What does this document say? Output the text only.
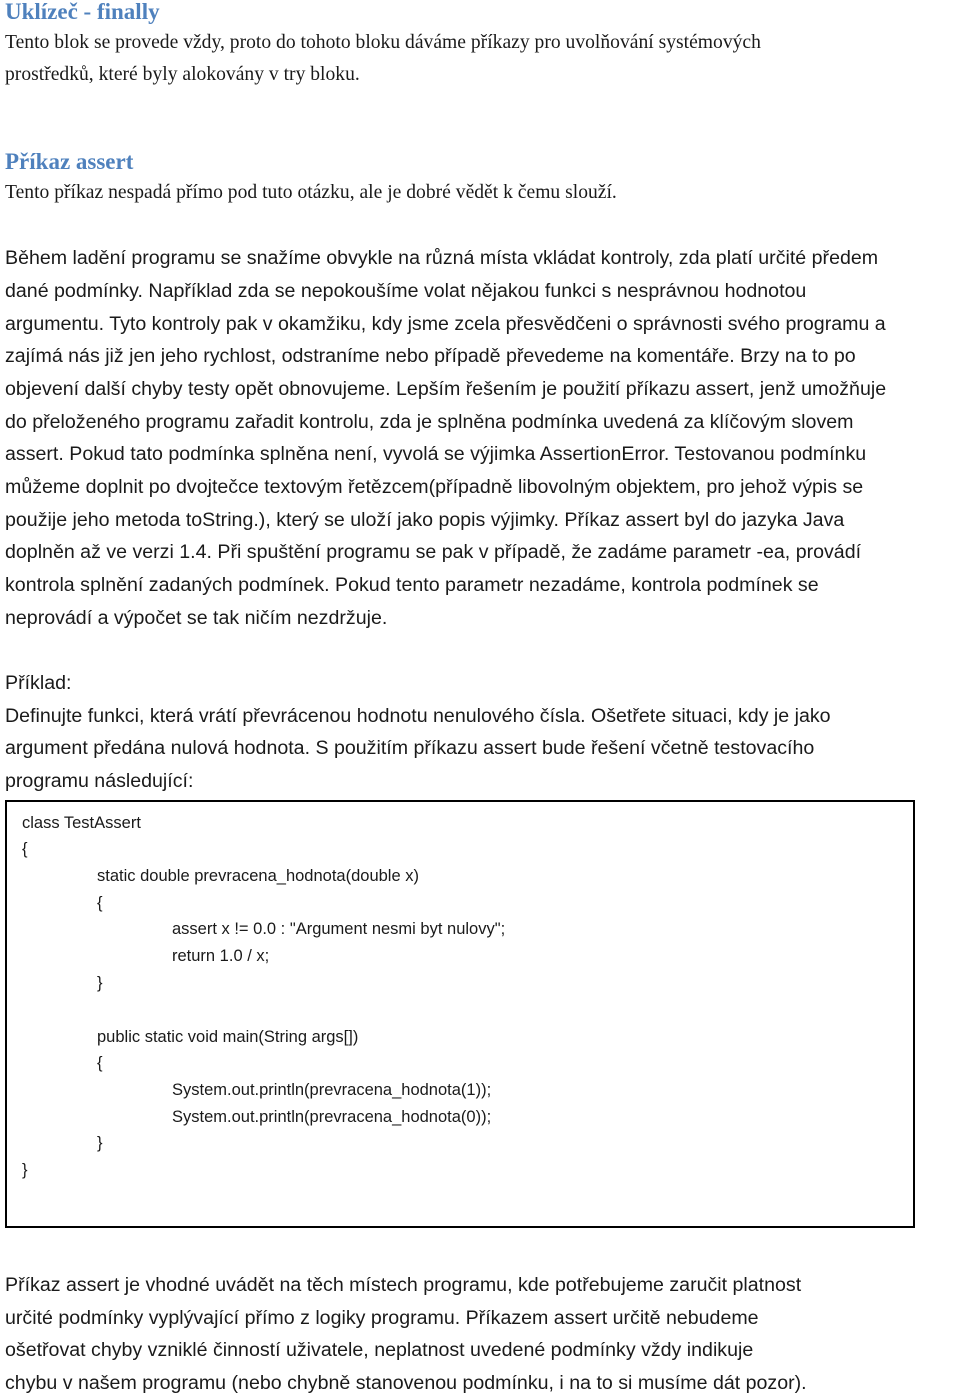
Uklízeč - finally
Tento blok se provede vždy, proto do tohoto bloku dáváme příkazy pro uvolňování systémových
prostředků, které byly alokovány v try bloku.
Příkaz assert
Tento příkaz nespadá přímo pod tuto otázku, ale je dobré vědět k čemu slouží.
Během ladění programu se snažíme obvykle na různá místa vkládat kontroly, zda platí určité předem
dané podmínky. Například zda se nepokoušíme volat nějakou funkci s nesprávnou hodnotou
argumentu. Tyto kontroly pak v okamžiku, kdy jsme zcela přesvědčeni o správnosti svého programu a
zajímá nás již jen jeho rychlost, odstraníme nebo případě převedeme na komentáře. Brzy na to po
objevení další chyby testy opět obnovujeme. Lepším řešením je použití příkazu assert, jenž umožňuje
do přeloženého programu zařadit kontrolu, zda je splněna podmínka uvedená za klíčovým slovem
assert. Pokud tato podmínka splněna není, vyvolá se výjimka AssertionError. Testovanou podmínku
můžeme doplnit po dvojtečce textovým řetězcem(případně libovolným objektem, pro jehož výpis se
použije jeho metoda toString.), který se uloží jako popis výjimky. Příkaz assert byl do jazyka Java
doplněn až ve verzi 1.4. Při spuštění programu se pak v případě, že zadáme parametr -ea, provádí
kontrola splnění zadaných podmínek. Pokud tento parametr nezadáme, kontrola podmínek se
neprovádí a výpočet se tak ničím nezdržuje.
Příklad:
Definujte funkci, která vrátí převrácenou hodnotu nenulového čísla. Ošetřete situaci, kdy je jako
argument předána nulová hodnota. S použitím příkazu assert bude řešení včetně testovacího
programu následující:
class TestAssert
{
static double prevracena_hodnota(double x)
{
assert x != 0.0 : "Argument nesmi byt nulovy";
return 1.0 / x;
}
public static void main(String args[])
{
System.out.println(prevracena_hodnota(1));
System.out.println(prevracena_hodnota(0));
}
}
Příkaz assert je vhodné uvádět na těch místech programu, kde potřebujeme zaručit platnost
určité podmínky vyplývající přímo z logiky programu. Příkazem assert určitě nebudeme
ošetřovat chyby vzniklé činností uživatele, neplatnost uvedené podmínky vždy indikuje
chybu v našem programu (nebo chybně stanovenou podmínku, i na to si musíme dát pozor).
